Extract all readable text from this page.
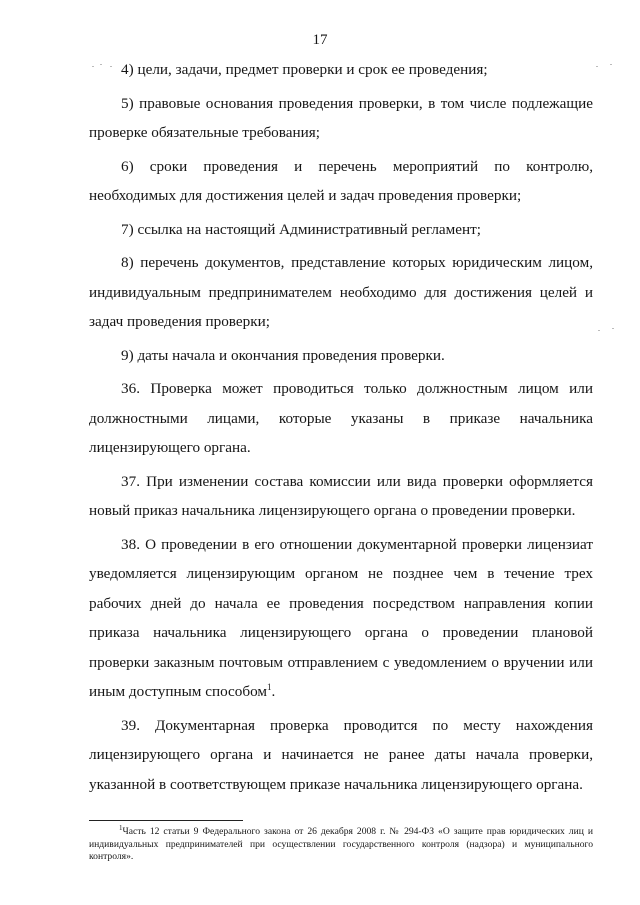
17

4) цели, задачи, предмет проверки и срок ее проведения;

5) правовые основания проведения проверки, в том числе подлежащие проверке обязательные требования;

6) сроки проведения и перечень мероприятий по контролю, необходимых для достижения целей и задач проведения проверки;

7) ссылка на настоящий Административный регламент;

8) перечень документов, представление которых юридическим лицом, индивидуальным предпринимателем необходимо для достижения целей и задач проведения проверки;

9) даты начала и окончания проведения проверки.

36. Проверка может проводиться только должностным лицом или должностными лицами, которые указаны в приказе начальника лицензирующего органа.

37. При изменении состава комиссии или вида проверки оформляется новый приказ начальника лицензирующего органа о проведении проверки.

38. О проведении в его отношении документарной проверки лицензиат уведомляется лицензирующим органом не позднее чем в течение трех рабочих дней до начала ее проведения посредством направления копии приказа начальника лицензирующего органа о проведении плановой проверки заказным почтовым отправлением с уведомлением о вручении или иным доступным способом$^1$.

39. Документарная проверка проводится по месту нахождения лицензирующего органа и начинается не ранее даты начала проверки, указанной в соответствующем приказе начальника лицензирующего органа.

$^1$Часть 12 статьи 9 Федерального закона от 26 декабря 2008 г. № 294-ФЗ «О защите прав юридических лиц и индивидуальных предпринимателей при осуществлении государственного контроля (надзора) и муниципального контроля».
